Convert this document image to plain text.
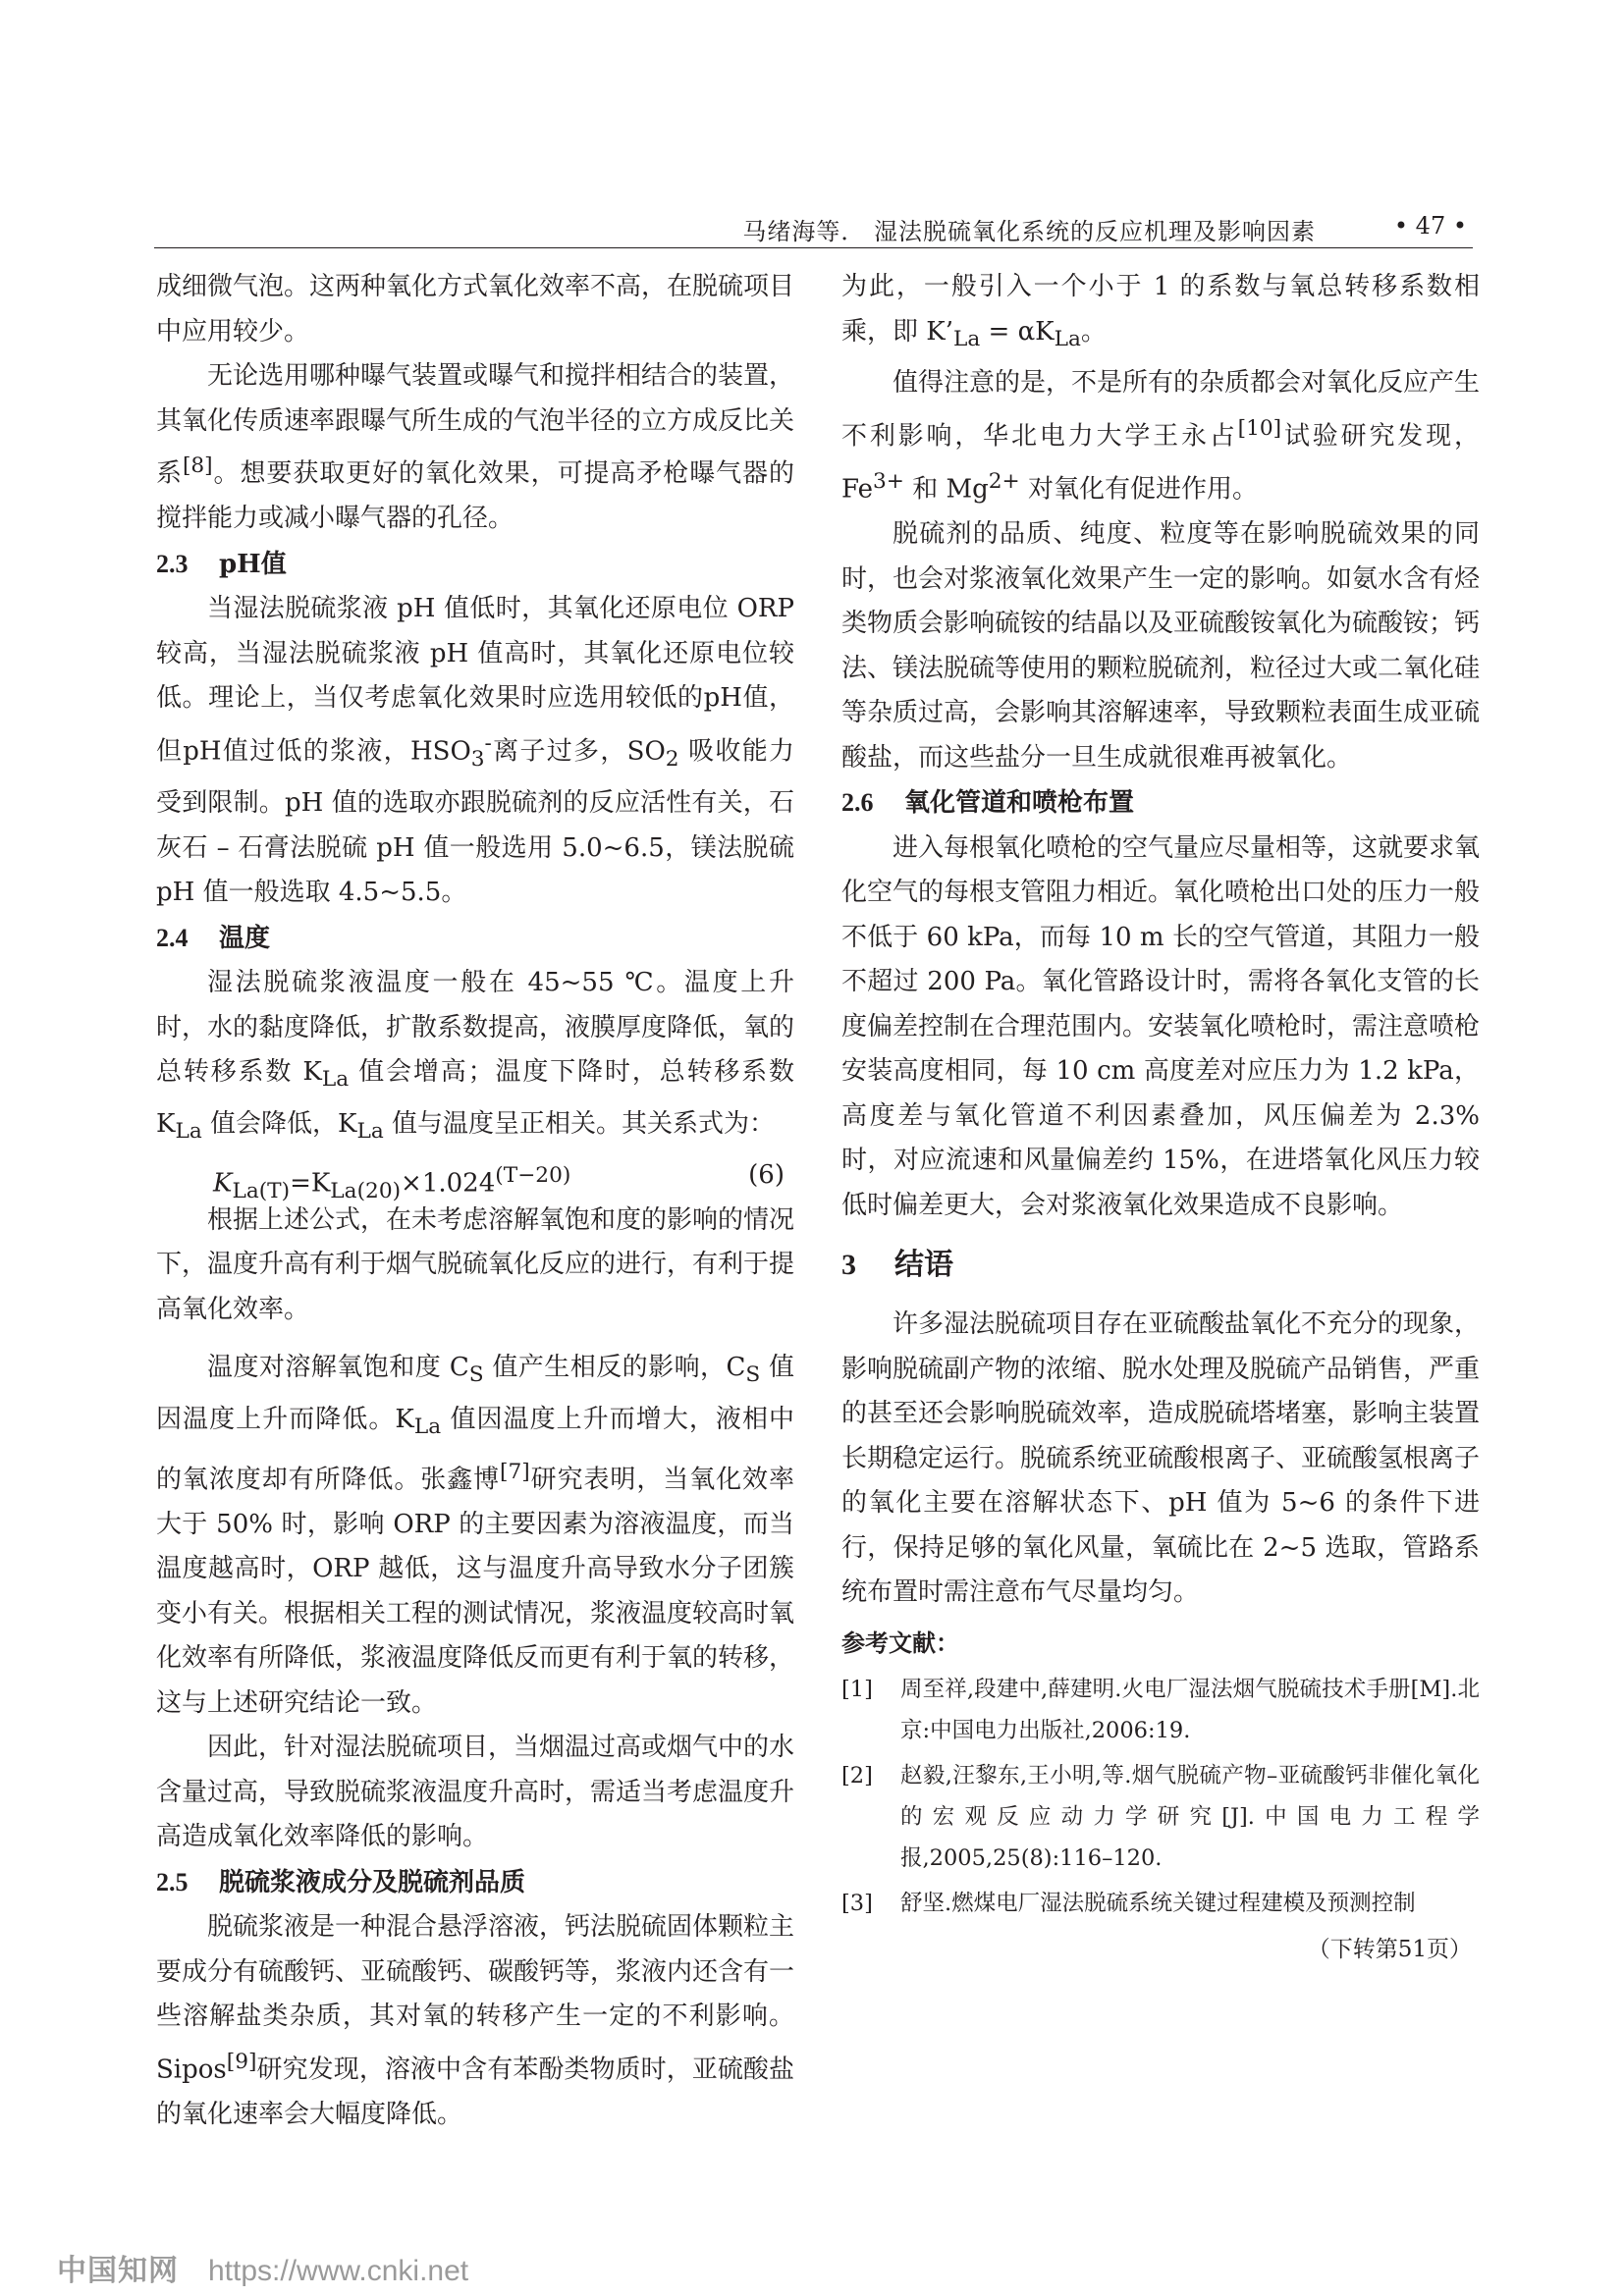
马绪海等． 湿法脱硫氧化系统的反应机理及影响因素	• 47 •

成细微气泡。这两种氧化方式氧化效率不高，在脱硫项目中应用较少。

无论选用哪种曝气装置或曝气和搅拌相结合的装置，其氧化传质速率跟曝气所生成的气泡半径的立方成反比关系[8]。想要获取更好的氧化效果，可提高矛枪曝气器的搅拌能力或减小曝气器的孔径。

2.3 pH值

当湿法脱硫浆液 pH 值低时，其氧化还原电位 ORP 较高，当湿法脱硫浆液 pH 值高时，其氧化还原电位较低。理论上，当仅考虑氧化效果时应选用较低的pH值，但pH值过低的浆液，$HSO_3^-$离子过多，$SO_2$ 吸收能力受到限制。pH 值的选取亦跟脱硫剂的反应活性有关，石灰石 – 石膏法脱硫 pH 值一般选用 5.0~6.5，镁法脱硫 pH 值一般选取 4.5~5.5。

2.4 温度

湿法脱硫浆液温度一般在 45~55 ℃。温度上升时，水的黏度降低，扩散系数提高，液膜厚度降低，氧的总转移系数 $K_{La}$ 值会增高；温度下降时，总转移系数 $K_{La}$ 值会降低，$K_{La}$ 值与温度呈正相关。其关系式为：

$K_{La(T)}=K_{La(20)}\times 1.024^{(T-20)}$	(6)

根据上述公式，在未考虑溶解氧饱和度的影响的情况下，温度升高有利于烟气脱硫氧化反应的进行，有利于提高氧化效率。

温度对溶解氧饱和度 $C_S$ 值产生相反的影响，$C_S$ 值因温度上升而降低。$K_{La}$ 值因温度上升而增大，液相中的氧浓度却有所降低。张鑫博[7]研究表明，当氧化效率大于 50% 时，影响 ORP 的主要因素为溶液温度，而当温度越高时，ORP 越低，这与温度升高导致水分子团簇变小有关。根据相关工程的测试情况，浆液温度较高时氧化效率有所降低，浆液温度降低反而更有利于氧的转移，这与上述研究结论一致。

因此，针对湿法脱硫项目，当烟温过高或烟气中的水含量过高，导致脱硫浆液温度升高时，需适当考虑温度升高造成氧化效率降低的影响。

2.5 脱硫浆液成分及脱硫剂品质

脱硫浆液是一种混合悬浮溶液，钙法脱硫固体颗粒主要成分有硫酸钙、亚硫酸钙、碳酸钙等，浆液内还含有一些溶解盐类杂质，其对氧的转移产生一定的不利影响。Sipos[9]研究发现，溶液中含有苯酚类物质时，亚硫酸盐的氧化速率会大幅度降低。

为此，一般引入一个小于 1 的系数与氧总转移系数相乘，即 $K’_{La} = \alpha K_{La}$。

值得注意的是，不是所有的杂质都会对氧化反应产生不利影响，华北电力大学王永占[10]试验研究发现，$Fe^{3+}$ 和 $Mg^{2+}$ 对氧化有促进作用。

脱硫剂的品质、纯度、粒度等在影响脱硫效果的同时，也会对浆液氧化效果产生一定的影响。如氨水含有烃类物质会影响硫铵的结晶以及亚硫酸铵氧化为硫酸铵；钙法、镁法脱硫等使用的颗粒脱硫剂，粒径过大或二氧化硅等杂质过高，会影响其溶解速率，导致颗粒表面生成亚硫酸盐，而这些盐分一旦生成就很难再被氧化。

2.6 氧化管道和喷枪布置

进入每根氧化喷枪的空气量应尽量相等，这就要求氧化空气的每根支管阻力相近。氧化喷枪出口处的压力一般不低于 60 kPa，而每 10 m 长的空气管道，其阻力一般不超过 200 Pa。氧化管路设计时，需将各氧化支管的长度偏差控制在合理范围内。安装氧化喷枪时，需注意喷枪安装高度相同，每 10 cm 高度差对应压力为 1.2 kPa，高度差与氧化管道不利因素叠加，风压偏差为 2.3% 时，对应流速和风量偏差约 15%，在进塔氧化风压力较低时偏差更大，会对浆液氧化效果造成不良影响。

3 结语

许多湿法脱硫项目存在亚硫酸盐氧化不充分的现象，影响脱硫副产物的浓缩、脱水处理及脱硫产品销售，严重的甚至还会影响脱硫效率，造成脱硫塔堵塞，影响主装置长期稳定运行。脱硫系统亚硫酸根离子、亚硫酸氢根离子的氧化主要在溶解状态下、pH 值为 5~6 的条件下进行，保持足够的氧化风量，氧硫比在 2~5 选取，管路系统布置时需注意布气尽量均匀。

参考文献：
[1] 周至祥,段建中,薛建明.火电厂湿法烟气脱硫技术手册[M].北京:中国电力出版社,2006:19.
[2] 赵毅,汪黎东,王小明,等.烟气脱硫产物–亚硫酸钙非催化氧化的宏观反应动力学研究[J].中国电力工程学报,2005,25(8):116–120.
[3] 舒坚.燃煤电厂湿法脱硫系统关键过程建模及预测控制
（下转第51页）
中国知网 https://www.cnki.net
